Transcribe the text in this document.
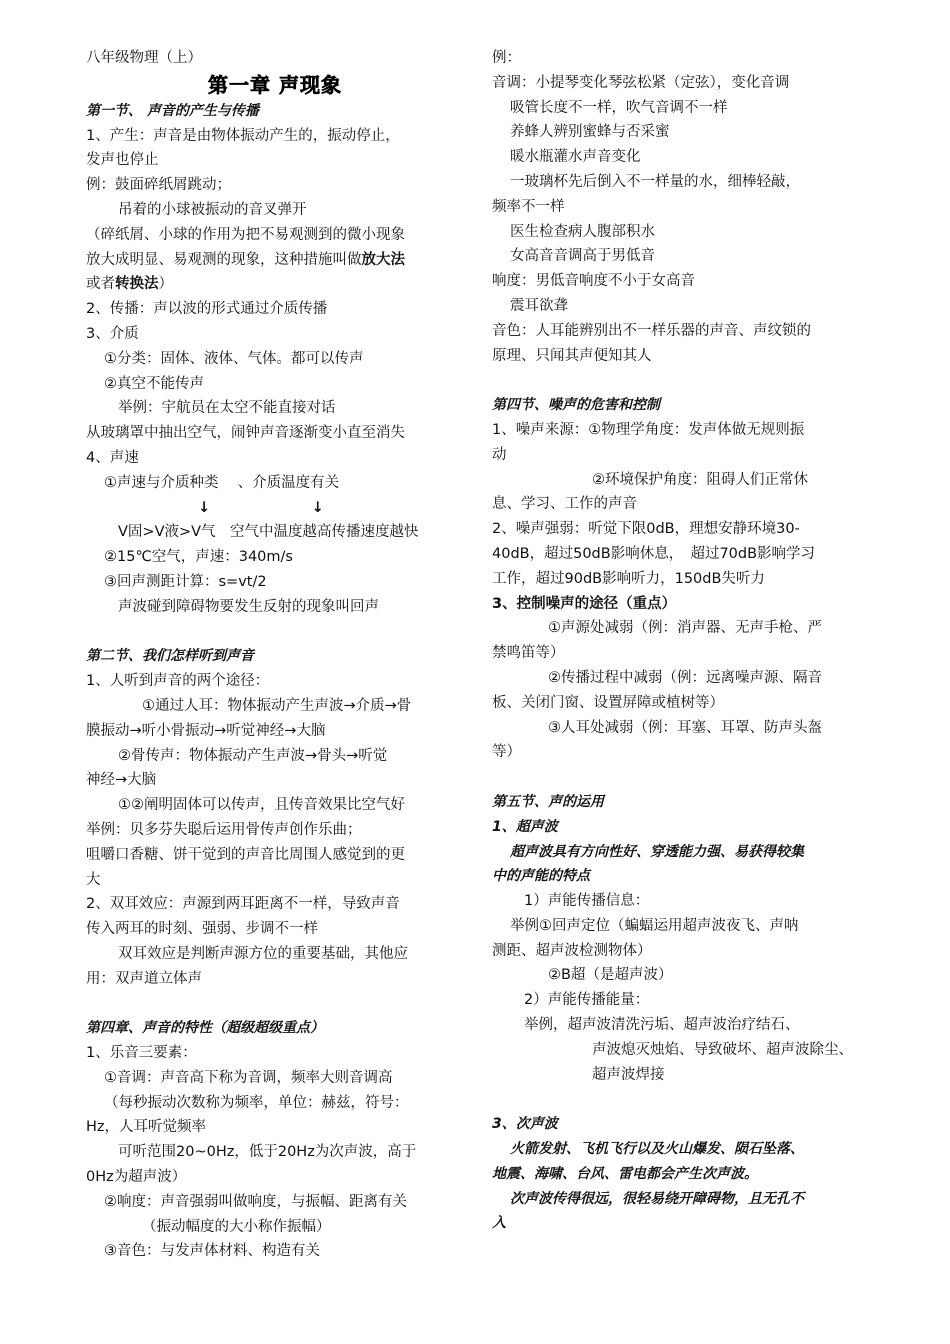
八年级物理（上）
第一章 声现象
第一节、 声音的产生与传播
1、产生：声音是由物体振动产生的，振动停止，
发声也停止
例：鼓面碎纸屑跳动；
吊着的小球被振动的音叉弹开
（碎纸屑、小球的作用为把不易观测到的微小现象
放大成明显、易观测的现象，这种措施叫做放大法
或者转换法）
2、传播：声以波的形式通过介质传播
3、介质
①分类：固体、液体、气体。都可以传声
②真空不能传声
举例：宇航员在太空不能直接对话
从玻璃罩中抽出空气，闹钟声音逐渐变小直至消失
4、声速
①声速与介质种类　 、介质温度有关
↓　　　　　　　↓
V固>V液>V气　空气中温度越高传播速度越快
②15℃空气，声速：340m/s
③回声测距计算：s=vt/2
声波碰到障碍物要发生反射的现象叫回声
第二节、我们怎样听到声音
1、人听到声音的两个途径：
①通过人耳：物体振动产生声波→介质→骨
膜振动→听小骨振动→听觉神经→大脑
②骨传声：物体振动产生声波→骨头→听觉
神经→大脑
①②阐明固体可以传声，且传音效果比空气好
举例：贝多芬失聪后运用骨传声创作乐曲；
咀嚼口香糖、饼干觉到的声音比周围人感觉到的更
大
2、双耳效应：声源到两耳距离不一样，导致声音
传入两耳的时刻、强弱、步调不一样
双耳效应是判断声源方位的重要基础，其他应
用：双声道立体声
第四章、声音的特性（超级超级重点）
1、乐音三要素：
①音调：声音高下称为音调，频率大则音调高
（每秒振动次数称为频率，单位：赫兹，符号：
Hz，人耳听觉频率
可听范围20~0Hz，低于20Hz为次声波，高于
0Hz为超声波）
②响度：声音强弱叫做响度，与振幅、距离有关
（振动幅度的大小称作振幅）
③音色：与发声体材料、构造有关
例：
音调：小提琴变化琴弦松紧（定弦），变化音调
吸管长度不一样，吹气音调不一样
养蜂人辨别蜜蜂与否采蜜
暖水瓶灌水声音变化
一玻璃杯先后倒入不一样量的水，细棒轻敲，
频率不一样
医生检查病人腹部积水
女高音音调高于男低音
响度：男低音响度不小于女高音
震耳欲聋
音色：人耳能辨别出不一样乐器的声音、声纹锁的
原理、只闻其声便知其人
第四节、噪声的危害和控制
1、噪声来源：①物理学角度：发声体做无规则振
动
②环境保护角度：阻碍人们正常休
息、学习、工作的声音
2、噪声强弱：听觉下限0dB，理想安静环境30-
40dB，超过50dB影响休息，　超过70dB影响学习
工作，超过90dB影响听力，150dB失听力
3、控制噪声的途径（重点）
①声源处减弱（例：消声器、无声手枪、严
禁鸣笛等）
②传播过程中减弱（例：远离噪声源、隔音
板、关闭门窗、设置屏障或植树等）
③人耳处减弱（例：耳塞、耳罩、防声头盔
等）
第五节、声的运用
1、超声波
超声波具有方向性好、穿透能力强、易获得较集
中的声能的特点
1）声能传播信息：
举例①回声定位（蝙蝠运用超声波夜飞、声呐
测距、超声波检测物体）
②B超（是超声波）
2）声能传播能量：
举例，超声波清洗污垢、超声波治疗结石、
声波熄灭烛焰、导致破坏、超声波除尘、
超声波焊接
3、次声波
火箭发射、飞机飞行以及火山爆发、陨石坠落、
地震、海啸、台风、雷电都会产生次声波。
次声波传得很远，很轻易绕开障碍物，且无孔不
入
